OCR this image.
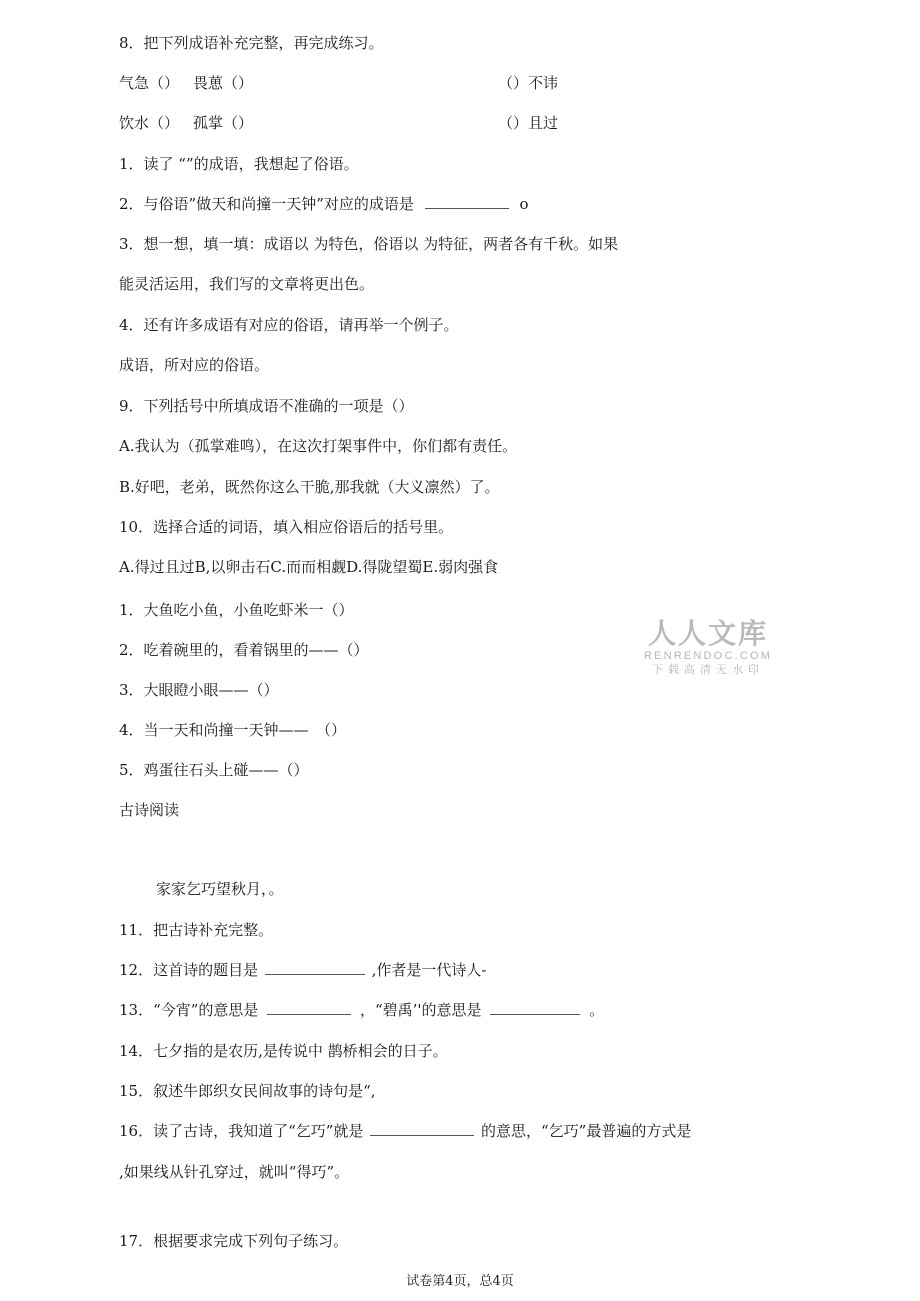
8．把下列成语补充完整，再完成练习。
气急（） 畏葸（）	（）不讳
饮水（） 孤掌（）	（）且过
1．读了 “”的成语，我想起了俗语。
2．与俗语”做天和尚撞一天钟”对应的成语是	o
3．想一想，填一填：成语以 为特色，俗语以 为特征，两者各有千秋。如果
能灵活运用，我们写的文章将更出色。
4．还有许多成语有对应的俗语，请再举一个例子。
成语，所对应的俗语。
9．下列括号中所填成语不准确的一项是（）
A.我认为（孤掌难鸣），在这次打架事件中，你们都有责任。
B.好吧，老弟，既然你这么干脆,那我就（大义凛然）了。
10．选择合适的词语，填入相应俗语后的括号里。
A.得过且过B,以卵击石C.而而相觑D.得陇望蜀E.弱肉强食
1．大鱼吃小鱼，小鱼吃虾米一（）
2．吃着碗里的，看着锅里的——（）
3．大眼瞪小眼——（）
4．当一天和尚撞一天钟——　（）
5．鸡蛋往石头上碰——（）
古诗阅读
家家乞巧望秋月，。
11．把古诗补充完整。
12．这首诗的题目是	,作者是一代诗人-
13．“今宵”的意思是	，“碧禹’'的意思是	。
14．七夕指的是农历,是传说中 鹊桥相会的日子。
15．叙述牛郎织女民间故事的诗句是“,
16．读了古诗，我知道了“乞巧”就是	的意思，“乞巧”最普遍的方式是
,如果线从针孔穿过，就叫“得巧”。
17．根据要求完成下列句子练习。
人人文库
RENRENDOC.COM
下载高清无水印
试卷第4页，总4页
